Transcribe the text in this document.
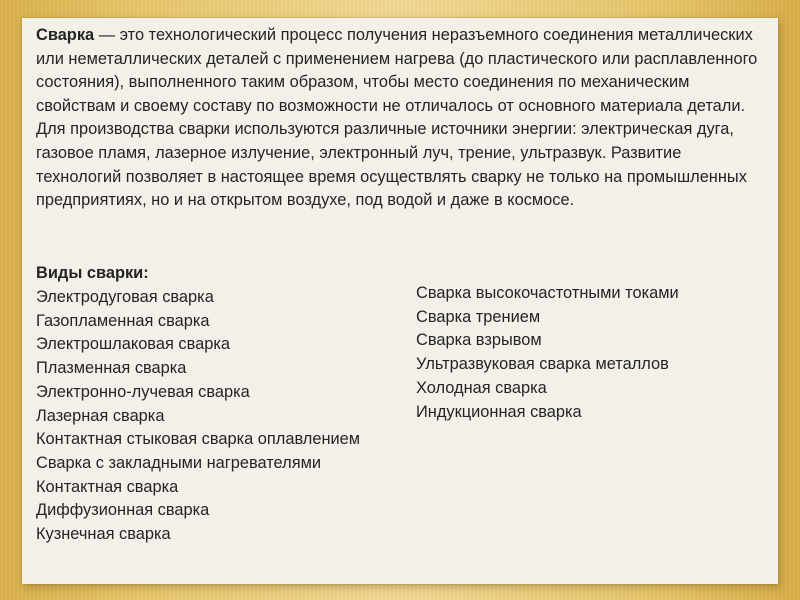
Сварка — это технологический процесс получения неразъемного соединения металлических или неметаллических деталей с применением нагрева (до пластического или расплавленного состояния), выполненного таким образом, чтобы место соединения по механическим свойствам и своему составу по возможности не отличалось от основного материала детали. Для производства сварки используются различные источники энергии: электрическая дуга, газовое пламя, лазерное излучение, электронный луч, трение, ультразвук. Развитие технологий позволяет в настоящее время осуществлять сварку не только на промышленных предприятиях, но и на открытом воздухе, под водой и даже в космосе.

Виды сварки:
Электродуговая сварка
Газопламенная сварка
Электрошлаковая сварка
Плазменная сварка
Электронно-лучевая сварка
Лазерная сварка
Контактная стыковая сварка оплавлением
Сварка с закладными нагревателями
Контактная сварка
Диффузионная сварка
Кузнечная сварка
Сварка высокочастотными токами
Сварка трением
Сварка взрывом
Ультразвуковая сварка металлов
Холодная сварка
Индукционная сварка
